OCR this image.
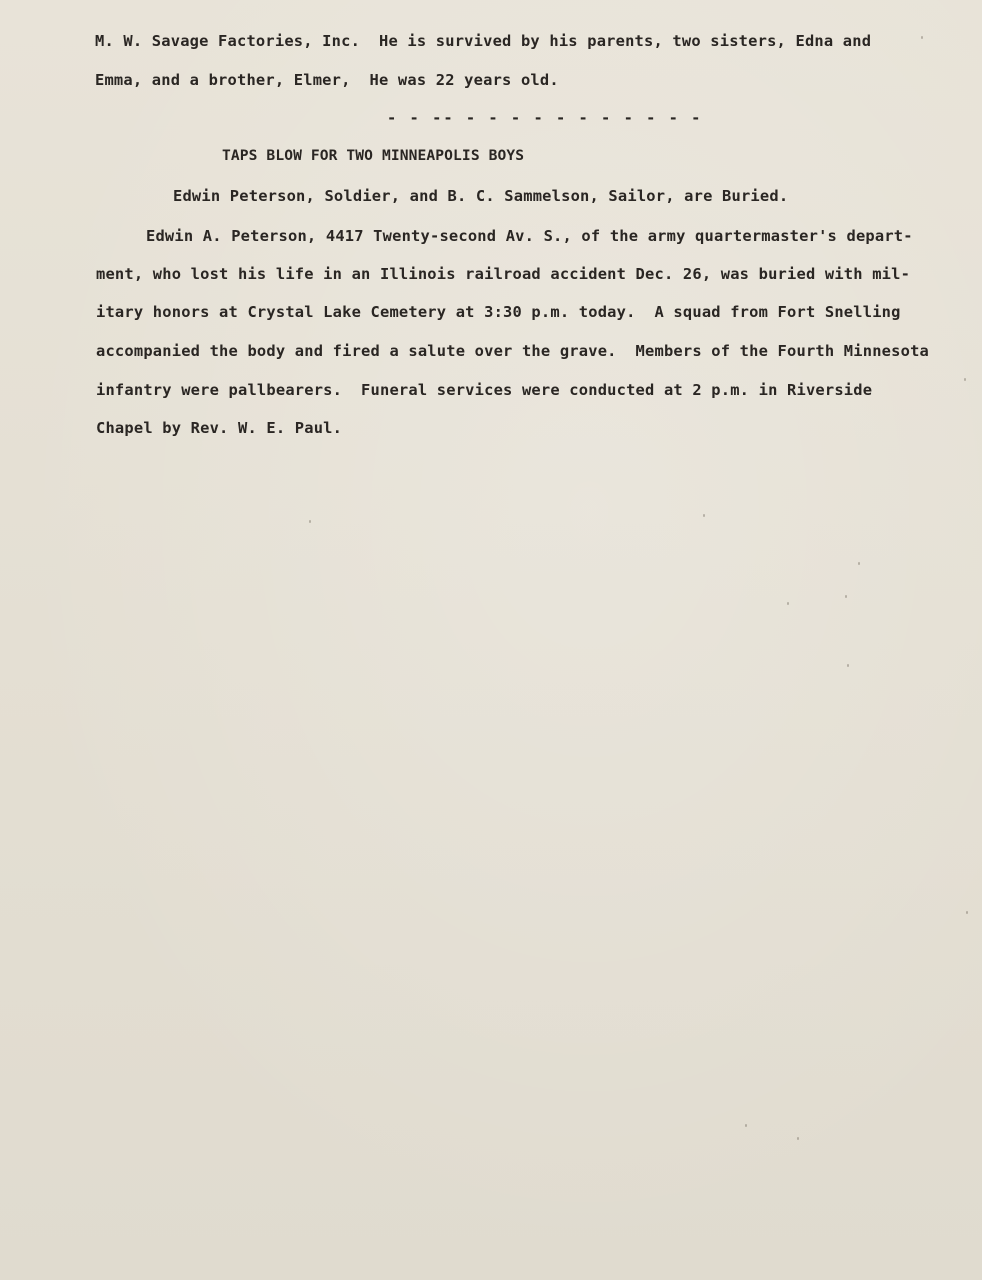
M. W. Savage Factories, Inc.  He is survived by his parents, two sisters, Edna and
Emma, and a brother, Elmer,  He was 22 years old.
- - -- - - - - - - - - - - -
TAPS BLOW FOR TWO MINNEAPOLIS BOYS
Edwin Peterson, Soldier, and B. C. Sammelson, Sailor, are Buried.
Edwin A. Peterson, 4417 Twenty-second Av. S., of the army quartermaster's depart-
ment, who lost his life in an Illinois railroad accident Dec. 26, was buried with mil-
itary honors at Crystal Lake Cemetery at 3:30 p.m. today.  A squad from Fort Snelling
accompanied the body and fired a salute over the grave.  Members of the Fourth Minnesota
infantry were pallbearers.  Funeral services were conducted at 2 p.m. in Riverside
Chapel by Rev. W. E. Paul.
